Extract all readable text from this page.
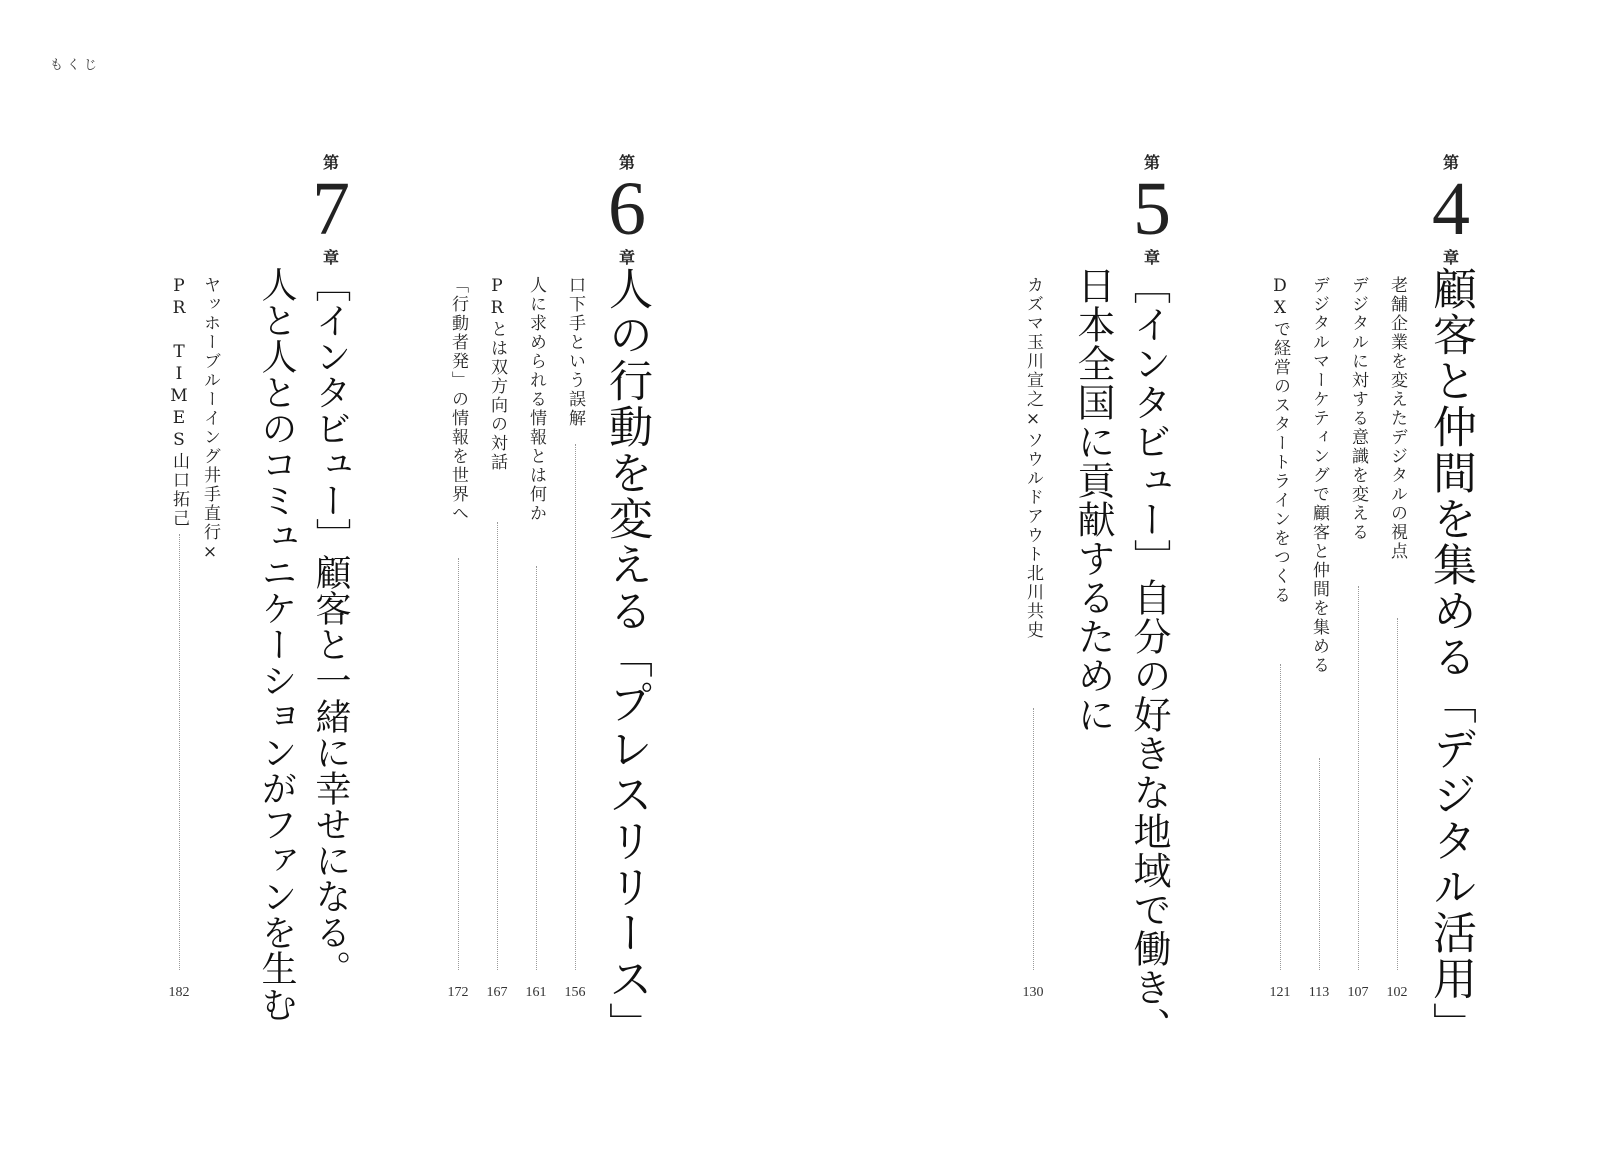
もくじ
第
4
章
顧客と仲間を集める「デジタル活用」
老舗企業を変えたデジタルの視点
102
デジタルに対する意識を変える
107
デジタルマーケティングで顧客と仲間を集める
113
DXで経営のスタートラインをつくる
121
第
5
章
［インタビュー］自分の好きな地域で働き、
日本全国に貢献するために
カズマ玉川宣之×ソウルドアウト北川共史
130
第
6
章
人の行動を変える「プレスリリース」
口下手という誤解
156
人に求められる情報とは何か
161
PRとは双方向の対話
167
「行動者発」の情報を世界へ
172
第
7
章
［インタビュー］顧客と一緒に幸せになる。
人と人とのコミュニケーションがファンを生む
ヤッホーブルーイング井手直行×
PR TIMES山口拓己
182
